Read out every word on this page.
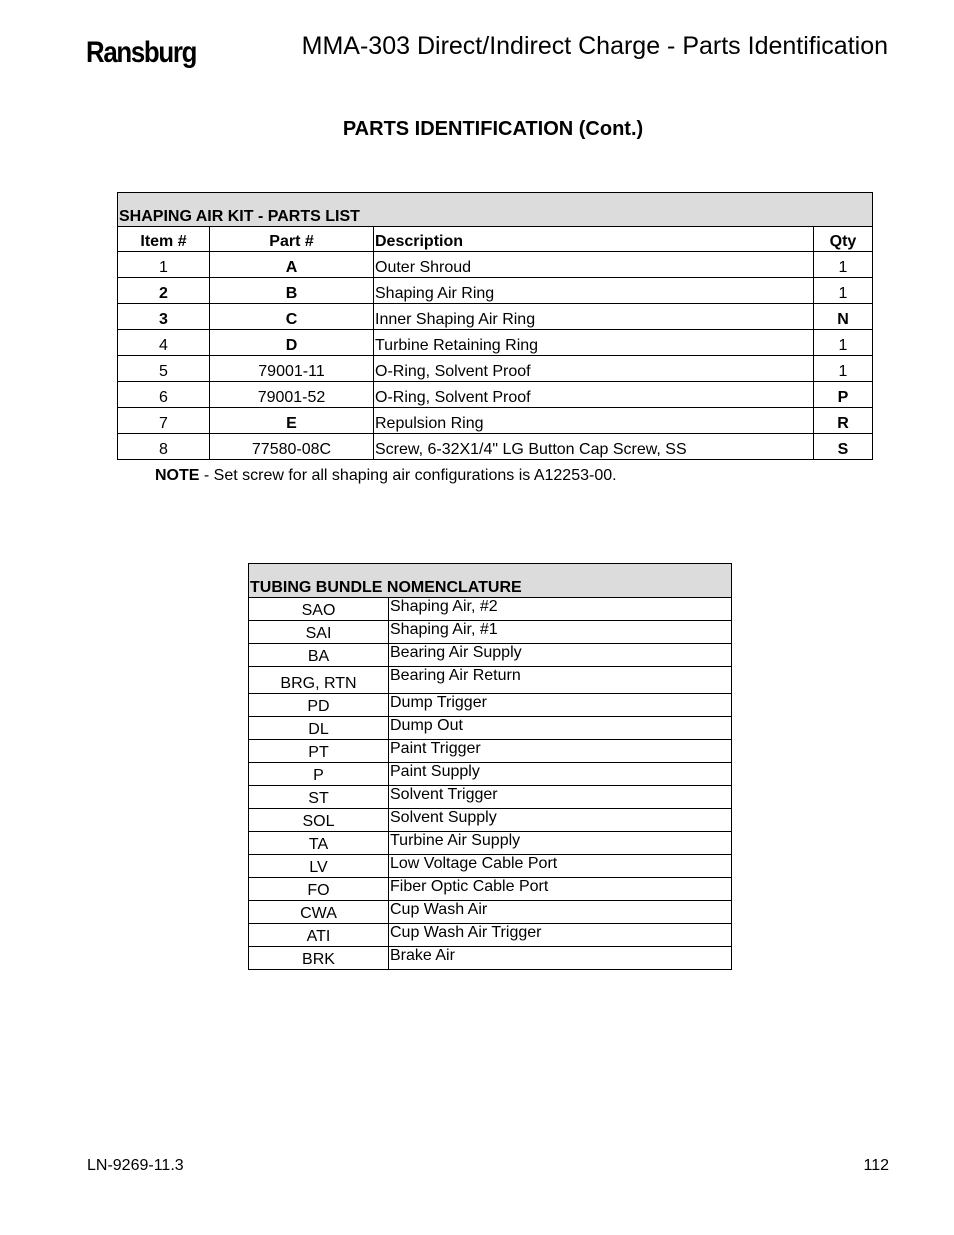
Ransburg	MMA-303 Direct/Indirect Charge - Parts Identification
PARTS IDENTIFICATION (Cont.)
SHAPING AIR KIT - PARTS LIST			
Item #	Part #	Description	Qty
1	A	Outer Shroud	1
2	B	Shaping Air Ring	1
3	C	Inner Shaping Air Ring	N
4	D	Turbine Retaining Ring	1
5	79001-11	O-Ring, Solvent Proof	1
6	79001-52	O-Ring, Solvent Proof	P
7	E	Repulsion Ring	R
8	77580-08C	Screw, 6-32X1/4" LG Button Cap Screw, SS	S
NOTE - Set screw for all shaping air configurations is A12253-00.
TUBING BUNDLE NOMENCLATURE	
SAO	Shaping Air, #2
SAI	Shaping Air, #1
BA	Bearing Air Supply
BRG, RTN	Bearing Air Return
PD	Dump Trigger
DL	Dump Out
PT	Paint Trigger
P	Paint Supply
ST	Solvent Trigger
SOL	Solvent Supply
TA	Turbine Air Supply
LV	Low Voltage Cable Port
FO	Fiber Optic Cable Port
CWA	Cup Wash Air
ATI	Cup Wash Air Trigger
BRK	Brake Air
LN-9269-11.3	112
